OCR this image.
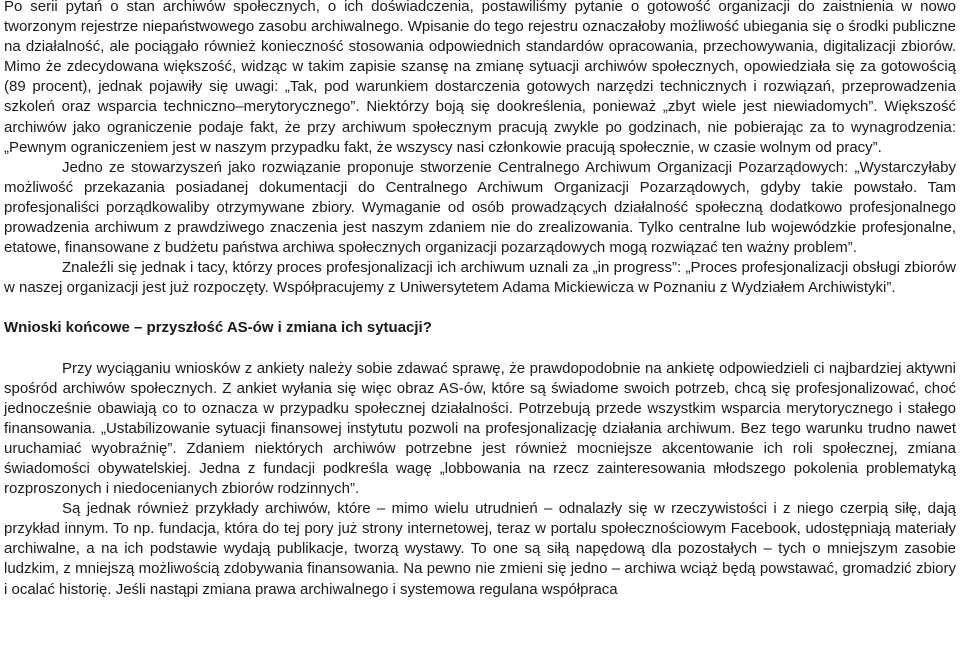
Po serii pytań o stan archiwów społecznych, o ich doświadczenia, postawiliśmy pytanie o gotowość organizacji do zaistnienia w nowo tworzonym rejestrze niepaństwowego zasobu archiwalnego. Wpisanie do tego rejestru oznaczałoby możliwość ubiegania się o środki publiczne na działalność, ale pociągało również konieczność stosowania odpowiednich standardów opracowania, przechowywania, digitalizacji zbiorów. Mimo że zdecydowana większość, widząc w takim zapisie szansę na zmianę sytuacji archiwów społecznych, opowiedziała się za gotowością (89 procent), jednak pojawiły się uwagi: „Tak, pod warunkiem dostarczenia gotowych narzędzi technicznych i rozwiązań, przeprowadzenia szkoleń oraz wsparcia techniczno–merytorycznego”. Niektórzy boją się dookreślenia, ponieważ „zbyt wiele jest niewiadomych”. Większość archiwów jako ograniczenie podaje fakt, że przy archiwum społecznym pracują zwykle po godzinach, nie pobierając za to wynagrodzenia: „Pewnym ograniczeniem jest w naszym przypadku fakt, że wszyscy nasi członkowie pracują społecznie, w czasie wolnym od pracy”.

Jedno ze stowarzyszeń jako rozwiązanie proponuje stworzenie Centralnego Archiwum Organizacji Pozarządowych: „Wystarczyłaby możliwość przekazania posiadanej dokumentacji do Centralnego Archiwum Organizacji Pozarządowych, gdyby takie powstało. Tam profesjonaliści porządkowaliby otrzymywane zbiory. Wymaganie od osób prowadzących działalność społeczną dodatkowo profesjonalnego prowadzenia archiwum z prawdziwego znaczenia jest naszym zdaniem nie do zrealizowania. Tylko centralne lub wojewódzkie profesjonalne, etatowe, finansowane z budżetu państwa archiwa społecznych organizacji pozarządowych mogą rozwiązać ten ważny problem”.

Znaleźli się jednak i tacy, którzy proces profesjonalizacji ich archiwum uznali za „in progress”: „Proces profesjonalizacji obsługi zbiorów w naszej organizacji jest już rozpoczęty. Współpracujemy z Uniwersytetem Adama Mickiewicza w Poznaniu z Wydziałem Archiwistyki”.

Wnioski końcowe – przyszłość AS-ów i zmiana ich sytuacji?

Przy wyciąganiu wniosków z ankiety należy sobie zdawać sprawę, że prawdopodobnie na ankietę odpowiedzieli ci najbardziej aktywni spośród archiwów społecznych. Z ankiet wyłania się więc obraz AS-ów, które są świadome swoich potrzeb, chcą się profesjonalizować, choć jednocześnie obawiają co to oznacza w przypadku społecznej działalności. Potrzebują przede wszystkim wsparcia merytorycznego i stałego finansowania. „Ustabilizowanie sytuacji finansowej instytutu pozwoli na profesjonalizację działania archiwum. Bez tego warunku trudno nawet uruchamiać wyobraźnię”. Zdaniem niektórych archiwów potrzebne jest również mocniejsze akcentowanie ich roli społecznej, zmiana świadomości obywatelskiej. Jedna z fundacji podkreśla wagę „lobbowania na rzecz zainteresowania młodszego pokolenia problematyką rozproszonych i niedocenianych zbiorów rodzinnych”.

Są jednak również przykłady archiwów, które – mimo wielu utrudnień – odnalazły się w rzeczywistości i z niego czerpią siłę, dają przykład innym. To np. fundacja, która do tej pory już strony internetowej, teraz w portalu społecznościowym Facebook, udostępniają materiały archiwalne, a na ich podstawie wydają publikacje, tworzą wystawy. To one są siłą napędową dla pozostałych – tych o mniejszym zasobie ludzkim, z mniejszą możliwością zdobywania finansowania. Na pewno nie zmieni się jedno – archiwa wciąż będą powstawać, gromadzić zbiory i ocalać historię. Jeśli nastąpi zmiana prawa archiwalnego i systemowa regulana współpraca
